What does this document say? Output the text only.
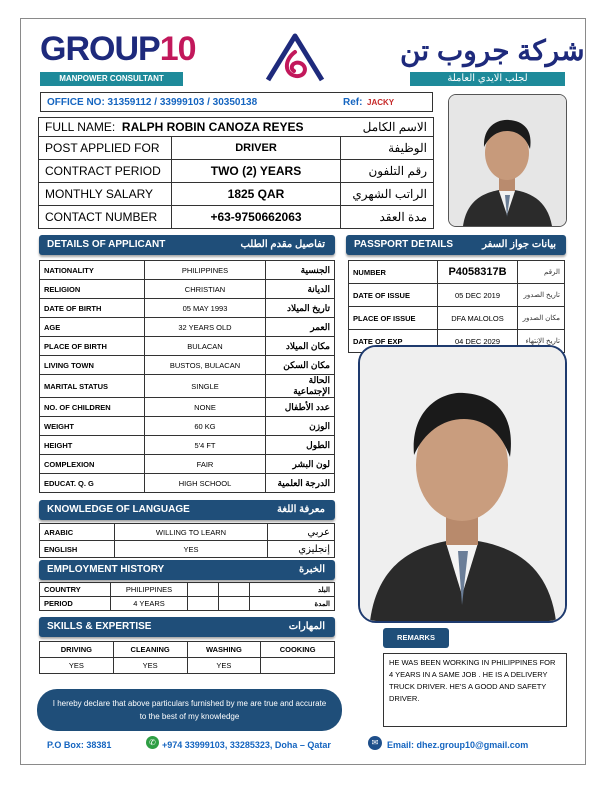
GROUP10
MANPOWER CONSULTANT
شركة جروب تن
لجلب الايدي العاملة
OFFICE NO: 31359112 / 33999103 / 30350138	Ref: JACKY
FULL NAME: RALPH ROBIN CANOZA REYES الاسم الكامل		

POST APPLIED FOR	DRIVER	الوظيفة
CONTRACT PERIOD	TWO (2) YEARS	رقم التلفون
MONTHLY SALARY	1825 QAR	الراتب الشهري
CONTACT NUMBER	+63-9750662063	مدة العقد
DETAILS OF APPLICANT	تفاصيل مقدم الطلب
NATIONALITY	PHILIPPINES	الجنسية
RELIGION	CHRISTIAN	الديانة
DATE OF BIRTH	05 MAY 1993	تاريخ الميلاد
AGE	32 YEARS OLD	العمر
PLACE OF BIRTH	BULACAN	مكان الميلاد
LIVING TOWN	BUSTOS, BULACAN	مكان السكن
MARITAL STATUS	SINGLE	الحالة الإجتماعية
NO. OF CHILDREN	NONE	عدد الأطفال
WEIGHT	60 KG	الوزن
HEIGHT	5'4 FT	الطول
COMPLEXION	FAIR	لون البشر
EDUCAT. Q. G	HIGH SCHOOL	الدرجة العلمية
PASSPORT DETAILS	بيانات جواز السفر
NUMBER	P4058317B	الرقم
DATE OF ISSUE	05 DEC 2019	تاريخ الصدور
PLACE OF ISSUE	DFA MALOLOS	مكان الصدور
DATE OF EXP	04 DEC 2029	تاريخ الإنتهاء
KNOWLEDGE OF LANGUAGE	معرفة اللغة
ARABIC	WILLING TO LEARN	عربي
ENGLISH	YES	إنجليزي
EMPLOYMENT HISTORY	الخبرة
COUNTRY	PHILIPPINES			البلد
PERIOD	4 YEARS			المدة
SKILLS & EXPERTISE	المهارات
DRIVING	CLEANING	WASHING	COOKING
YES	YES	YES	
REMARKS
HE WAS BEEN WORKING IN PHILIPPINES FOR 4 YEARS IN A SAME JOB . HE IS A DELIVERY TRUCK DRIVER. HE'S A GOOD AND SAFETY DRIVER.
I hereby declare that above particulars furnished by me are true and accurate to the best of my knowledge
P.O Box: 38381	✆ +974 33999103, 33285323, Doha – Qatar	✉ Email: dhez.group10@gmail.com
